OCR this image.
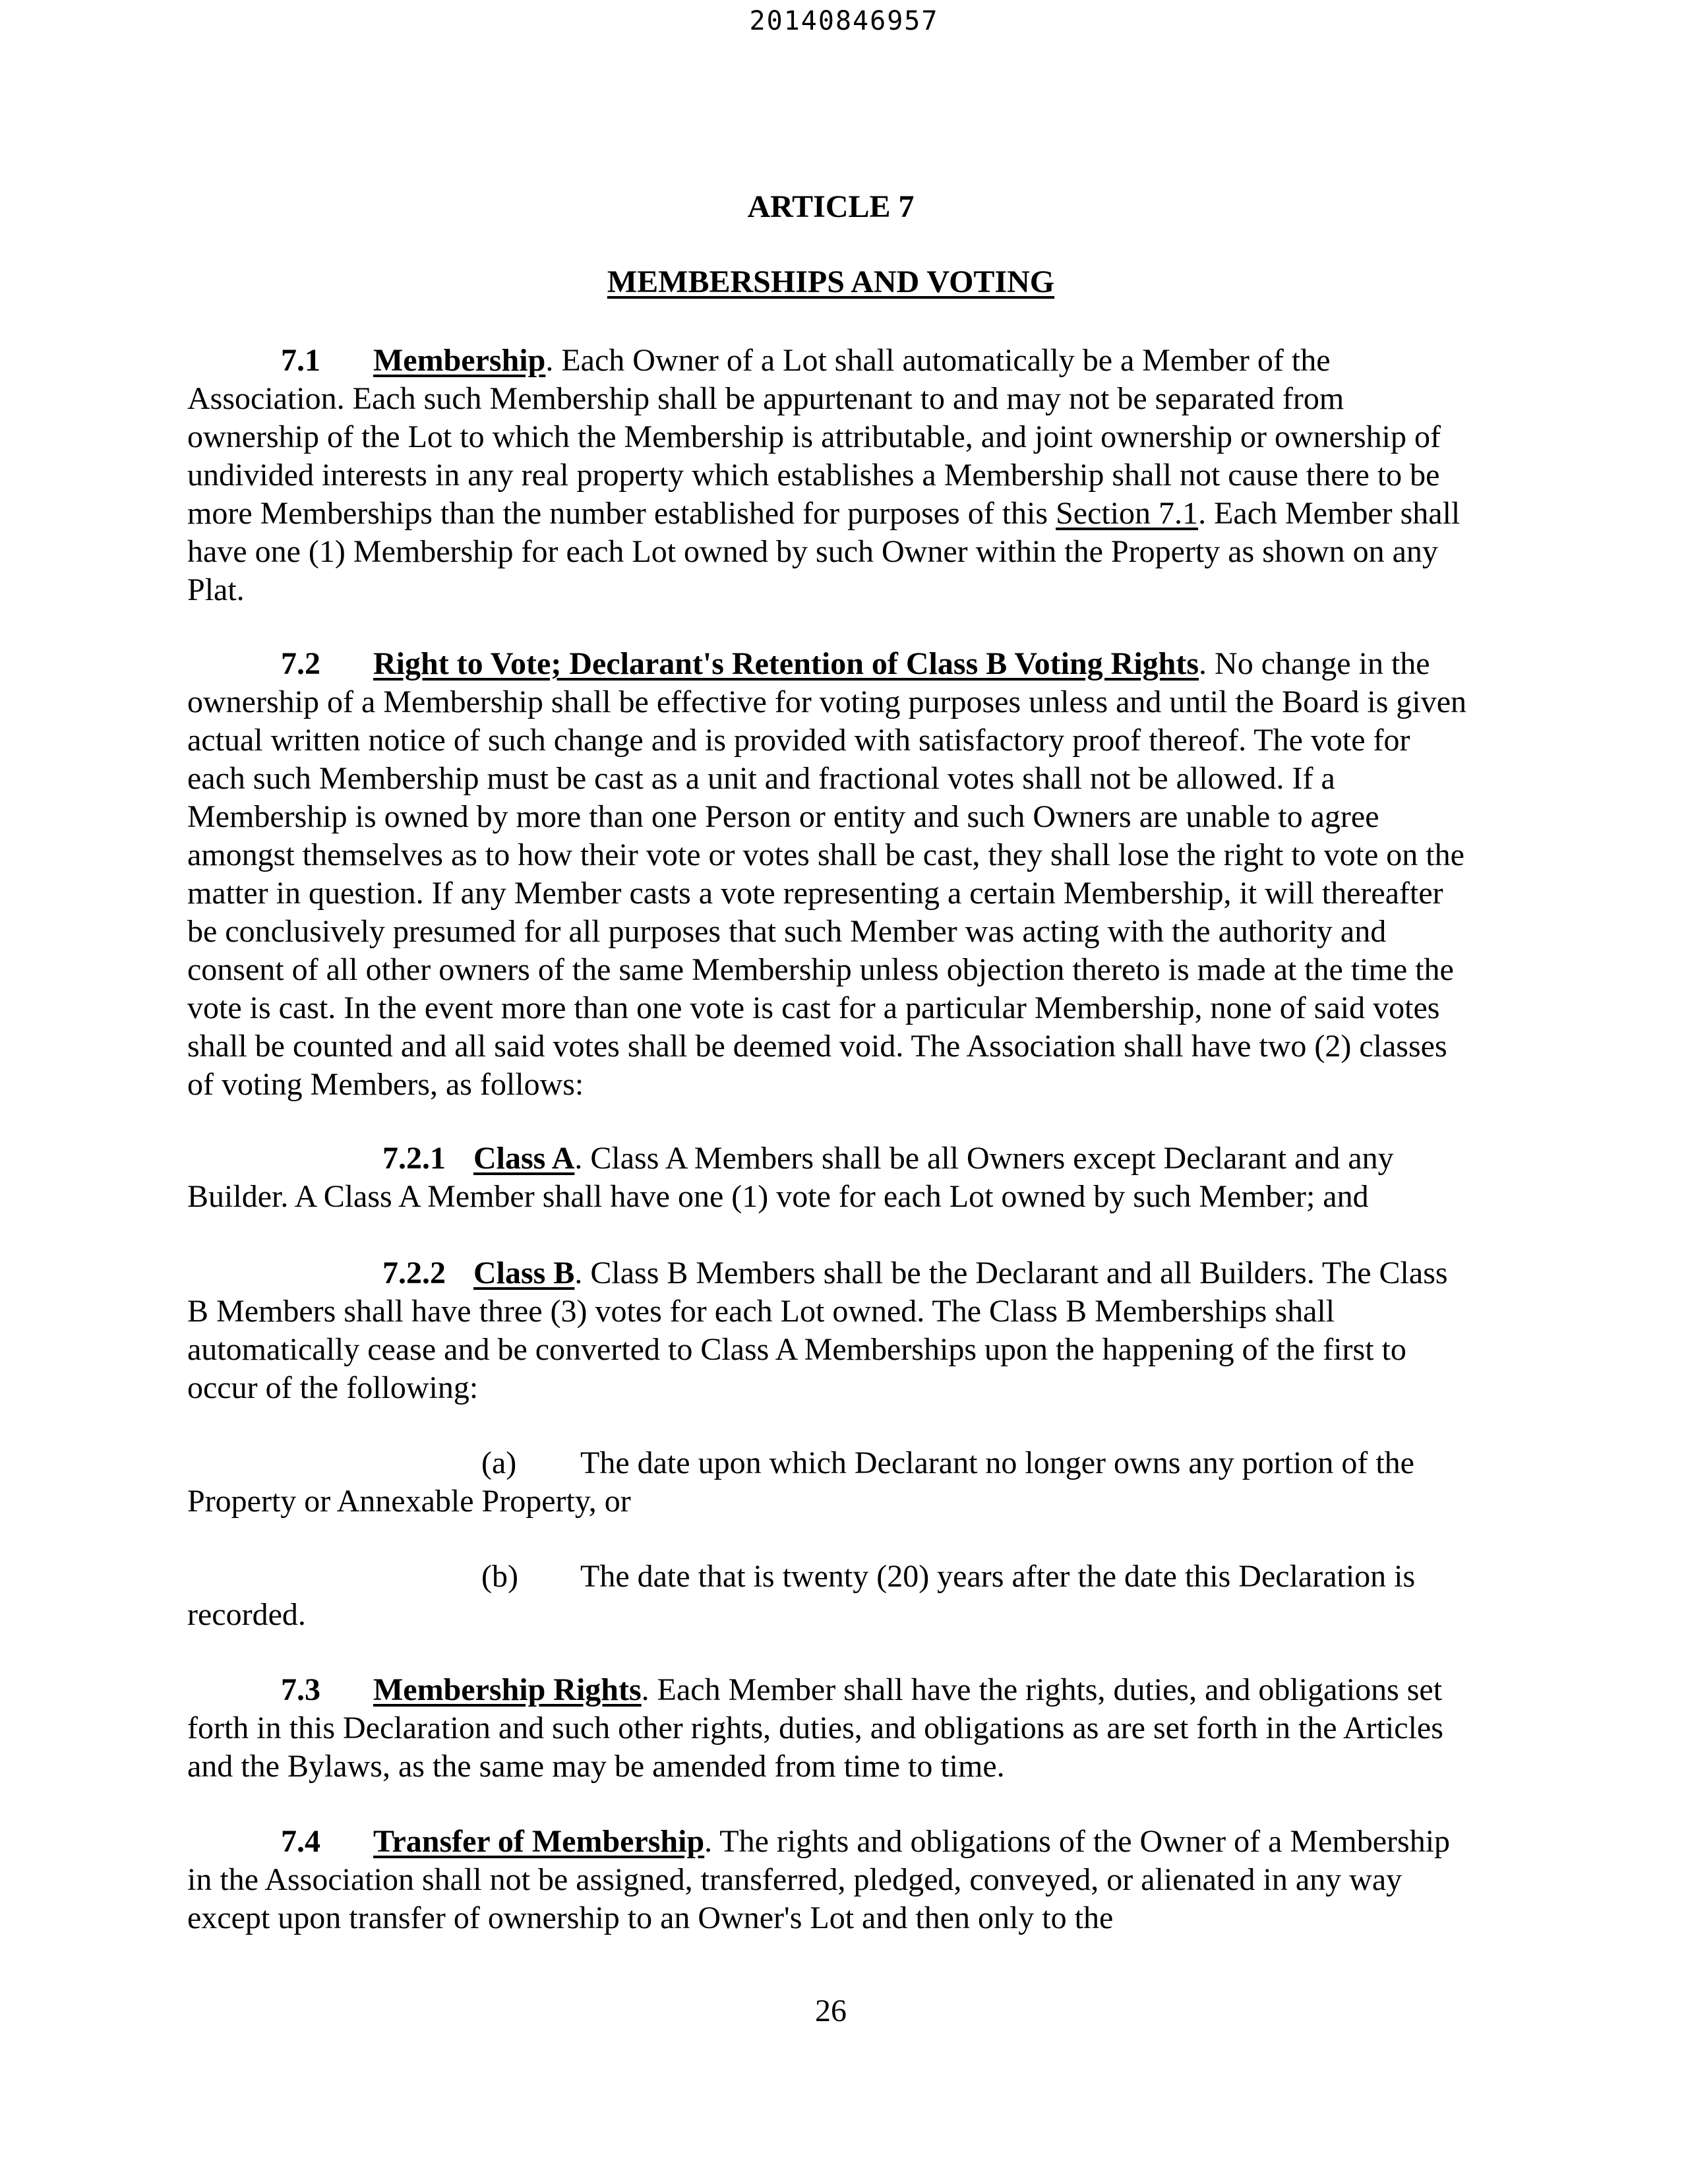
20140846957
ARTICLE 7
MEMBERSHIPS AND VOTING

7.1 Membership. Each Owner of a Lot shall automatically be a Member of the Association. Each such Membership shall be appurtenant to and may not be separated from ownership of the Lot to which the Membership is attributable, and joint ownership or ownership of undivided interests in any real property which establishes a Membership shall not cause there to be more Memberships than the number established for purposes of this Section 7.1. Each Member shall have one (1) Membership for each Lot owned by such Owner within the Property as shown on any Plat.

7.2 Right to Vote; Declarant's Retention of Class B Voting Rights. No change in the ownership of a Membership shall be effective for voting purposes unless and until the Board is given actual written notice of such change and is provided with satisfactory proof thereof. The vote for each such Membership must be cast as a unit and fractional votes shall not be allowed. If a Membership is owned by more than one Person or entity and such Owners are unable to agree amongst themselves as to how their vote or votes shall be cast, they shall lose the right to vote on the matter in question. If any Member casts a vote representing a certain Membership, it will thereafter be conclusively presumed for all purposes that such Member was acting with the authority and consent of all other owners of the same Membership unless objection thereto is made at the time the vote is cast. In the event more than one vote is cast for a particular Membership, none of said votes shall be counted and all said votes shall be deemed void. The Association shall have two (2) classes of voting Members, as follows:

7.2.1 Class A. Class A Members shall be all Owners except Declarant and any Builder. A Class A Member shall have one (1) vote for each Lot owned by such Member; and

7.2.2 Class B. Class B Members shall be the Declarant and all Builders. The Class B Members shall have three (3) votes for each Lot owned. The Class B Memberships shall automatically cease and be converted to Class A Memberships upon the happening of the first to occur of the following:

(a) The date upon which Declarant no longer owns any portion of the Property or Annexable Property, or

(b) The date that is twenty (20) years after the date this Declaration is recorded.

7.3 Membership Rights. Each Member shall have the rights, duties, and obligations set forth in this Declaration and such other rights, duties, and obligations as are set forth in the Articles and the Bylaws, as the same may be amended from time to time.

7.4 Transfer of Membership. The rights and obligations of the Owner of a Membership in the Association shall not be assigned, transferred, pledged, conveyed, or alienated in any way except upon transfer of ownership to an Owner's Lot and then only to the

26
